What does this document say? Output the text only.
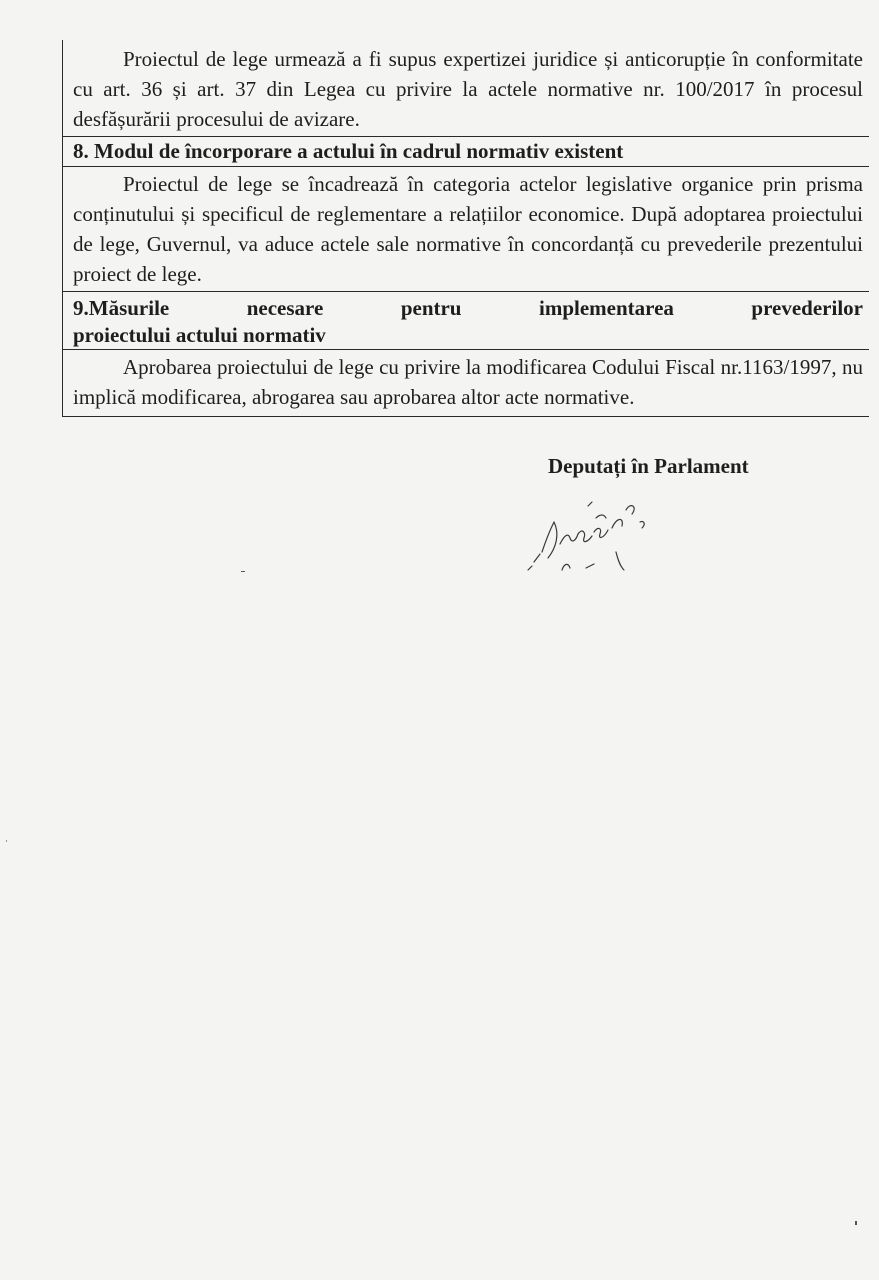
Proiectul de lege urmează a fi supus expertizei juridice și anticorupție în conformitate cu art. 36 și art. 37 din Legea cu privire la actele normative nr. 100/2017 în procesul desfășurării procesului de avizare.

8. Modul de încorporare a actului în cadrul normativ existent

Proiectul de lege se încadrează în categoria actelor legislative organice prin prisma conținutului și specificul de reglementare a relațiilor economice. După adoptarea proiectului de lege, Guvernul, va aduce actele sale normative în concordanță cu prevederile prezentului proiect de lege.

9.Măsurile	necesare	pentru	implementarea	prevederilor
proiectului actului normativ

Aprobarea proiectului de lege cu privire la modificarea Codului Fiscal nr.1163/1997, nu implică modificarea, abrogarea sau aprobarea altor acte normative.

Deputați în Parlament
